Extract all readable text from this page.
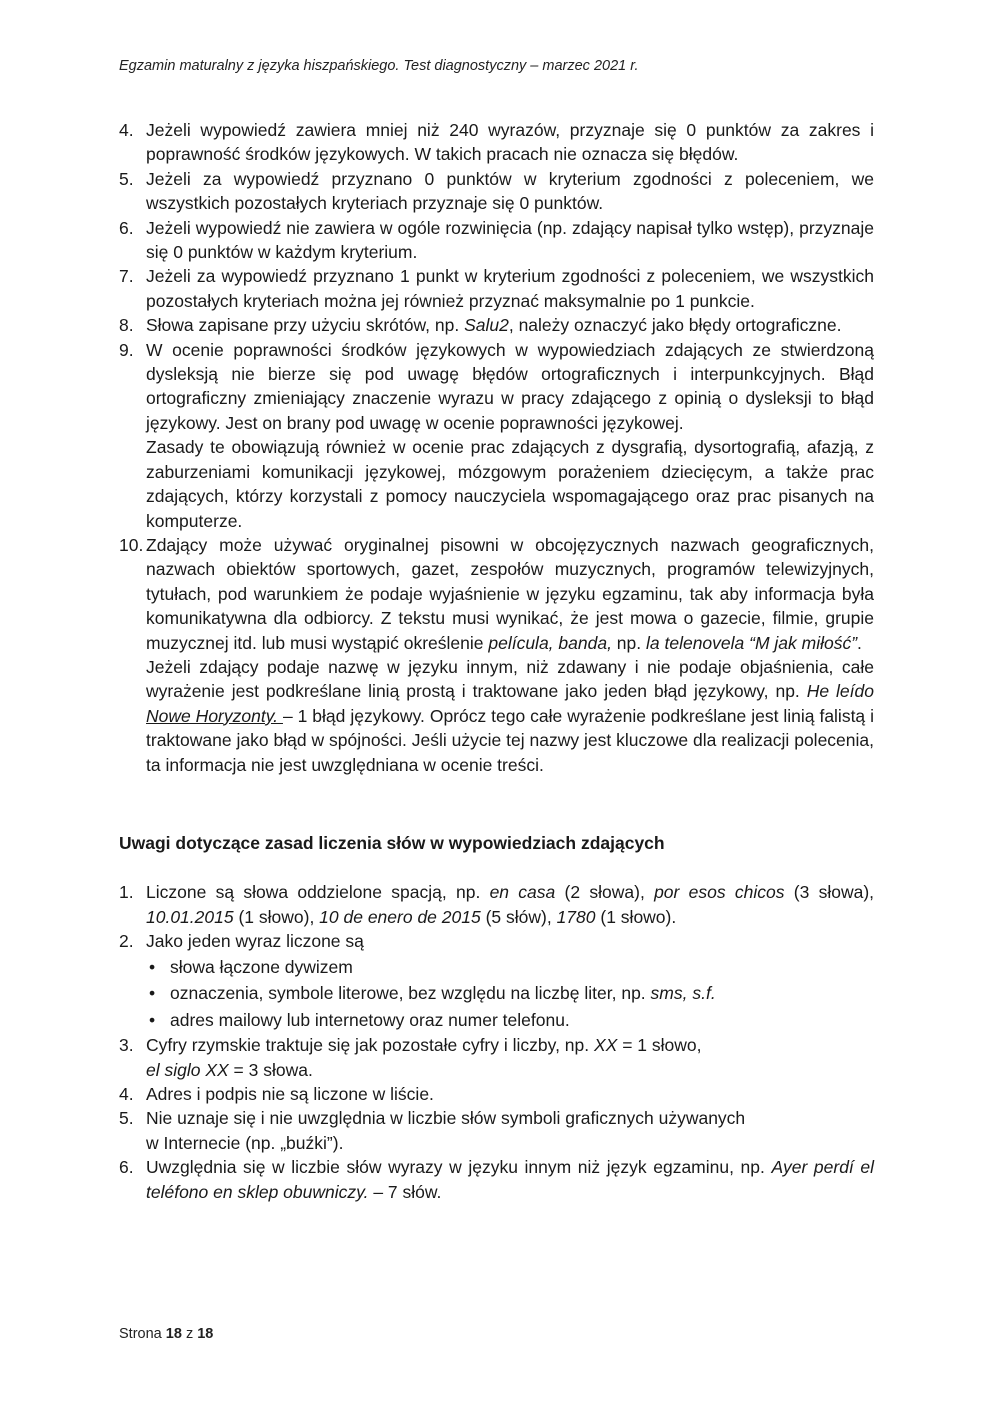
Egzamin maturalny z języka hiszpańskiego. Test diagnostyczny – marzec 2021 r.
4. Jeżeli wypowiedź zawiera mniej niż 240 wyrazów, przyznaje się 0 punktów za zakres i poprawność środków językowych. W takich pracach nie oznacza się błędów.

5. Jeżeli za wypowiedź przyznano 0 punktów w kryterium zgodności z poleceniem, we wszystkich pozostałych kryteriach przyznaje się 0 punktów.

6. Jeżeli wypowiedź nie zawiera w ogóle rozwinięcia (np. zdający napisał tylko wstęp), przyznaje się 0 punktów w każdym kryterium.

7. Jeżeli za wypowiedź przyznano 1 punkt w kryterium zgodności z poleceniem, we wszystkich pozostałych kryteriach można jej również przyznać maksymalnie po 1 punkcie.

8. Słowa zapisane przy użyciu skrótów, np. Salu2, należy oznaczyć jako błędy ortograficzne.

9. W ocenie poprawności środków językowych w wypowiedziach zdających ze stwierdzoną dysleksją nie bierze się pod uwagę błędów ortograficznych i interpunkcyjnych. Błąd ortograficzny zmieniający znaczenie wyrazu w pracy zdającego z opinią o dysleksji to błąd językowy. Jest on brany pod uwagę w ocenie poprawności językowej.

Zasady te obowiązują również w ocenie prac zdających z dysgrafią, dysortografią, afazją, z zaburzeniami komunikacji językowej, mózgowym porażeniem dziecięcym, a także prac zdających, którzy korzystali z pomocy nauczyciela wspomagającego oraz prac pisanych na komputerze.

10. Zdający może używać oryginalnej pisowni w obcojęzycznych nazwach geograficznych, nazwach obiektów sportowych, gazet, zespołów muzycznych, programów telewizyjnych, tytułach, pod warunkiem że podaje wyjaśnienie w języku egzaminu, tak aby informacja była komunikatywna dla odbiorcy. Z tekstu musi wynikać, że jest mowa o gazecie, filmie, grupie muzycznej itd. lub musi wystąpić określenie película, banda, np. la telenovela “M jak miłość”.

Jeżeli zdający podaje nazwę w języku innym, niż zdawany i nie podaje objaśnienia, całe wyrażenie jest podkreślane linią prostą i traktowane jako jeden błąd językowy, np. He leído Nowe Horyzonty. – 1 błąd językowy. Oprócz tego całe wyrażenie podkreślane jest linią falistą i traktowane jako błąd w spójności. Jeśli użycie tej nazwy jest kluczowe dla realizacji polecenia, ta informacja nie jest uwzględniana w ocenie treści.

Uwagi dotyczące zasad liczenia słów w wypowiedziach zdających
1. Liczone są słowa oddzielone spacją, np. en casa (2 słowa), por esos chicos (3 słowa), 10.01.2015 (1 słowo), 10 de enero de 2015 (5 słów), 1780 (1 słowo).

2. Jako jeden wyraz liczone są

• słowa łączone dywizem
• oznaczenia, symbole literowe, bez względu na liczbę liter, np. sms, s.f.
• adres mailowy lub internetowy oraz numer telefonu.
3. Cyfry rzymskie traktuje się jak pozostałe cyfry i liczby, np. XX = 1 słowo,
el siglo XX = 3 słowa.

4. Adres i podpis nie są liczone w liście.

5. Nie uznaje się i nie uwzględnia w liczbie słów symboli graficznych używanych
w Internecie (np. „buźki”).

6. Uwzględnia się w liczbie słów wyrazy w języku innym niż język egzaminu, np. Ayer perdí el teléfono en sklep obuwniczy. – 7 słów.

Strona 18 z 18
